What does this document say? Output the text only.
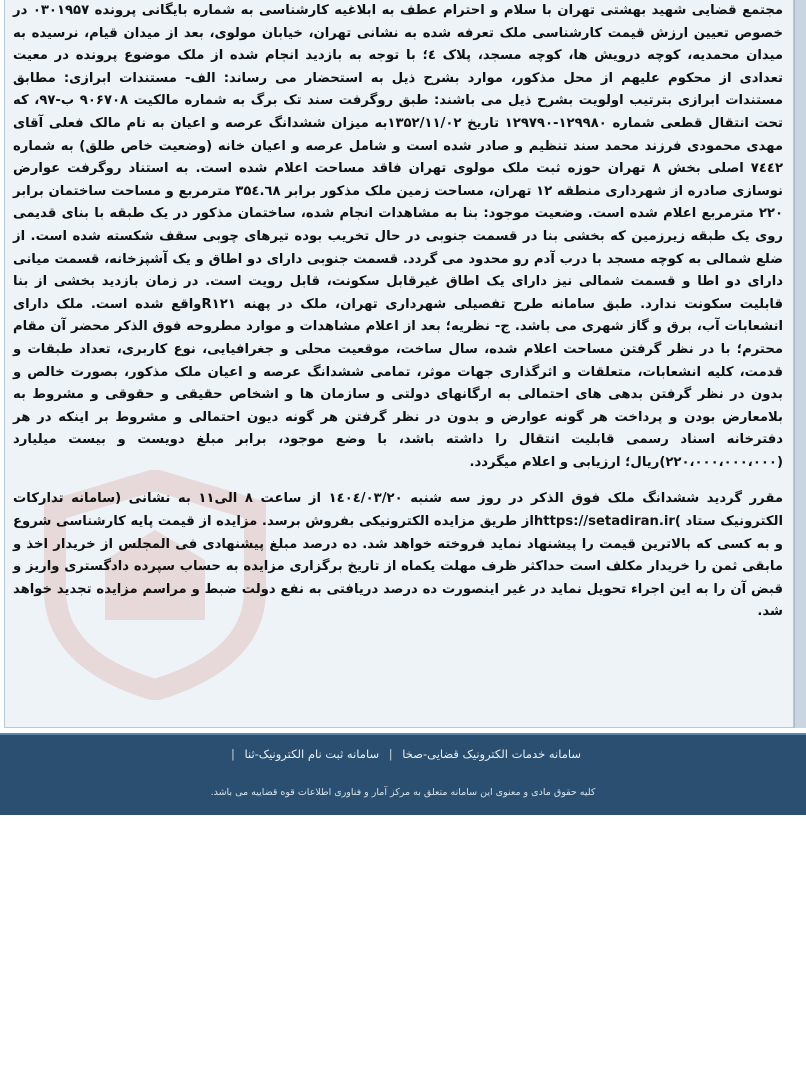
مجتمع قضایی شهید بهشتی تهران با سلام و احترام عطف به ابلاغیه کارشناسی به شماره بایگانی پرونده ۰۳۰۱۹۵۷ در خصوص تعیین ارزش قیمت کارشناسی ملک تعرفه شده به نشانی تهران، خیابان مولوی، بعد از میدان قیام، نرسیده به میدان محمدیه، کوچه درویش ها، کوچه مسجد، پلاک ٤؛ با توجه به بازدید انجام شده از ملک موضوع پرونده در معیت تعدادی از محکوم علیهم از محل مذکور، موارد بشرح ذیل به استحضار می رساند: الف- مستندات ابرازی: مطابق مستندات ابرازی بترتیب اولویت بشرح ذیل می باشند: طبق روگرفت سند تک برگ به شماره مالکیت ۹۰۶۷۰۸ ب-۹۷، که تحت انتقال قطعی شماره ۱۲۹۹۸۰-۱۲۹۷۹۰ تاریخ ۱۳۵۲/۱۱/۰۲به میزان ششدانگ عرصه و اعیان به نام مالک فعلی آقای مهدی محمودی فرزند محمد سند تنظیم و صادر شده است و شامل عرصه و اعیان خانه (وضعیت خاص طلق) به شماره ۷٤٤۲ اصلی بخش ۸ تهران حوزه ثبت ملک مولوی تهران فاقد مساحت اعلام شده است. به استناد روگرفت عوارض نوسازی صادره از شهرداری منطقه ۱۲ تهران، مساحت زمین ملک مذکور برابر ۳۵٤.٦۸ مترمربع و مساحت ساختمان برابر ۲۲۰ مترمربع اعلام شده است. وضعیت موجود: بنا به مشاهدات انجام شده، ساختمان مذکور در یک طبقه با بنای قدیمی روی یک طبقه زیرزمین که بخشی بنا در قسمت جنوبی در حال تخریب بوده تیرهای چوبی سقف شکسته شده است. از ضلع شمالی به کوچه مسجد با درب آدم رو محدود می گردد. قسمت جنوبی دارای دو اطاق و یک آشپزخانه، قسمت میانی دارای دو اطا و قسمت شمالی نیز دارای یک اطاق غیرقابل سکونت، قابل رویت است. در زمان بازدید بخشی از بنا قابلیت سکونت ندارد. طبق سامانه طرح تفصیلی شهرداری تهران، ملک در پهنه R۱۲۱واقع شده است. ملک دارای انشعابات آب، برق و گاز شهری می باشد. ج- نظریه؛ بعد از اعلام مشاهدات و موارد مطروحه فوق الذکر محضر آن مقام محترم؛ با در نظر گرفتن مساحت اعلام شده، سال ساخت، موقعیت محلی و جغرافیایی، نوع کاربری، تعداد طبقات و قدمت، کلیه انشعابات، متعلقات و اثرگذاری جهات موثر، تمامی ششدانگ عرصه و اعیان ملک مذکور، بصورت خالص و بدون در نظر گرفتن بدهی های احتمالی به ارگانهای دولتی و سازمان ها و اشخاص حقیقی و حقوقی و مشروط به بلامعارض بودن و پرداخت هر گونه عوارض و بدون در نظر گرفتن هر گونه دیون احتمالی و مشروط بر اینکه در هر دفترخانه اسناد رسمی قابلیت انتقال را داشته باشد، با وضع موجود، برابر مبلغ دویست و بیست میلیارد (۲۲۰،۰۰۰،۰۰۰،۰۰۰)ریال؛ ارزیابی و اعلام میگردد.

مقرر گردید ششدانگ ملک فوق الذکر در روز سه شنبه ۱٤۰٤/۰۳/۲۰ از ساعت ۸ الی۱۱ به نشانی (سامانه تدارکات الکترونیک ستاد )https://setadiran.irاز طریق مزایده الکترونیکی بفروش برسد. مزایده از قیمت پایه کارشناسی شروع و به کسی که بالاترین قیمت را پیشنهاد نماید فروخته خواهد شد. ده درصد مبلغ پیشنهادی فی المجلس از خریدار اخذ و مابقی ثمن را خریدار مکلف است حداکثر ظرف مهلت یکماه از تاریخ برگزاری مزایده به حساب سپرده دادگستری واریز و قبض آن را به این اجراء تحویل نماید در غیر اینصورت ده درصد دریافتی به نفع دولت ضبط و مراسم مزایده تجدید خواهد شد.

سامانه خدمات الکترونیک قضایی-صخا | سامانه ثبت نام الکترونیک-ثنا |
کلیه حقوق مادی و معنوی این سامانه متعلق به مرکز آمار و فناوری اطلاعات قوه قضاییه می باشد.
